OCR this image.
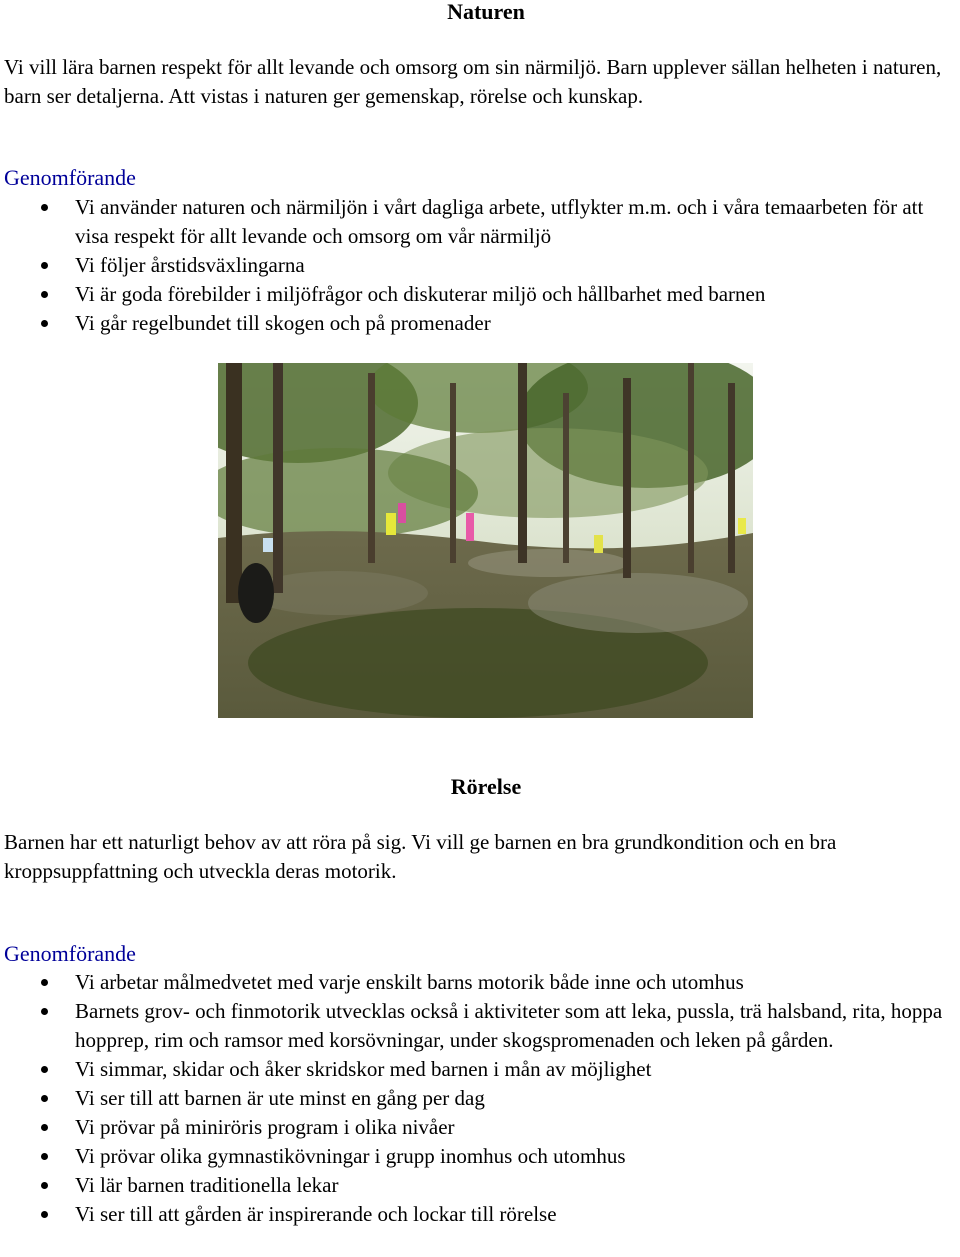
Naturen

Vi vill lära barnen respekt för allt levande och omsorg om sin närmiljö. Barn upplever sällan helheten i naturen, barn ser detaljerna. Att vistas i naturen ger gemenskap, rörelse och kunskap.

Genomförande
Vi använder naturen och närmiljön i vårt dagliga arbete, utflykter m.m. och i våra temaarbeten för att visa respekt för allt levande och omsorg om vår närmiljö
Vi följer årstidsväxlingarna
Vi är goda förebilder i miljöfrågor och diskuterar miljö och hållbarhet med barnen
Vi går regelbundet till skogen och på promenader
Rörelse

Barnen har ett naturligt behov av att röra på sig. Vi vill ge barnen en bra grundkondition och en bra kroppsuppfattning och utveckla deras motorik.

Genomförande
Vi arbetar målmedvetet med varje enskilt barns motorik både inne och utomhus
Barnets grov- och finmotorik utvecklas också i aktiviteter som att leka, pussla, trä halsband, rita, hoppa hopprep, rim och ramsor med korsövningar, under skogspromenaden och leken på gården.
Vi simmar, skidar och åker skridskor med barnen i mån av möjlighet
Vi ser till att barnen är ute minst en gång per dag
Vi prövar på miniröris program i olika nivåer
Vi prövar olika gymnastikövningar i grupp inomhus och utomhus
Vi lär barnen traditionella lekar
Vi ser till att gården är inspirerande och lockar till rörelse
